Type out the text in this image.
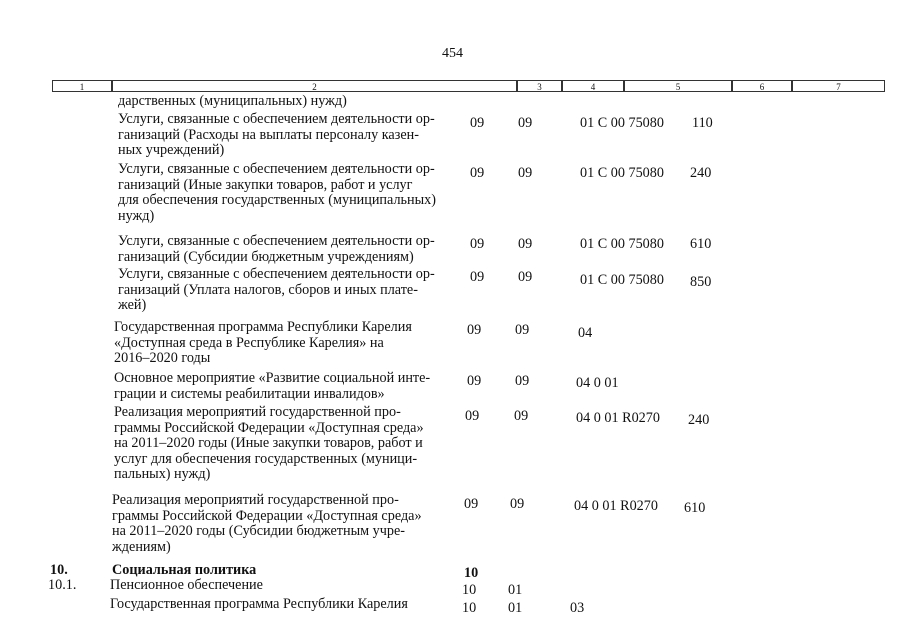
454
1	2	3	4	5	6	7
дарственных (муниципальных) нужд)
Услуги, связанные с обеспечением деятельности ор-
ганизаций (Расходы на выплаты персоналу казен-
ных учреждений)
09 09	01 С 00 75080 110
Услуги, связанные с обеспечением деятельности ор-
ганизаций (Иные закупки товаров, работ и услуг
для обеспечения государственных (муниципальных)
нужд)
09 09	01 С 00 75080 240
Услуги, связанные с обеспечением деятельности ор-
ганизаций (Субсидии бюджетным учреждениям)
09 09	01 С 00 75080 610
Услуги, связанные с обеспечением деятельности ор-
ганизаций (Уплата налогов, сборов и иных плате-
жей)
09 09	01 С 00 75080 850
Государственная программа Республики Карелия
«Доступная среда в Республике Карелия» на
2016–2020 годы
09 09	04
Основное мероприятие «Развитие социальной инте-
грации и системы реабилитации инвалидов»
09 09	04 0 01
Реализация мероприятий государственной про-
граммы Российской Федерации «Доступная среда»
на 2011–2020 годы (Иные закупки товаров, работ и
услуг для обеспечения государственных (муници-
пальных) нужд)
09 09	04 0 01 R0270 240
Реализация мероприятий государственной про-
граммы Российской Федерации «Доступная среда»
на 2011–2020 годы (Субсидии бюджетным учре-
ждениям)
09 09	04 0 01 R0270 610
10.	Социальная политика	10
10.1. Пенсионное обеспечение	10 01
Государственная программа Республики Карелия	10 01	03
